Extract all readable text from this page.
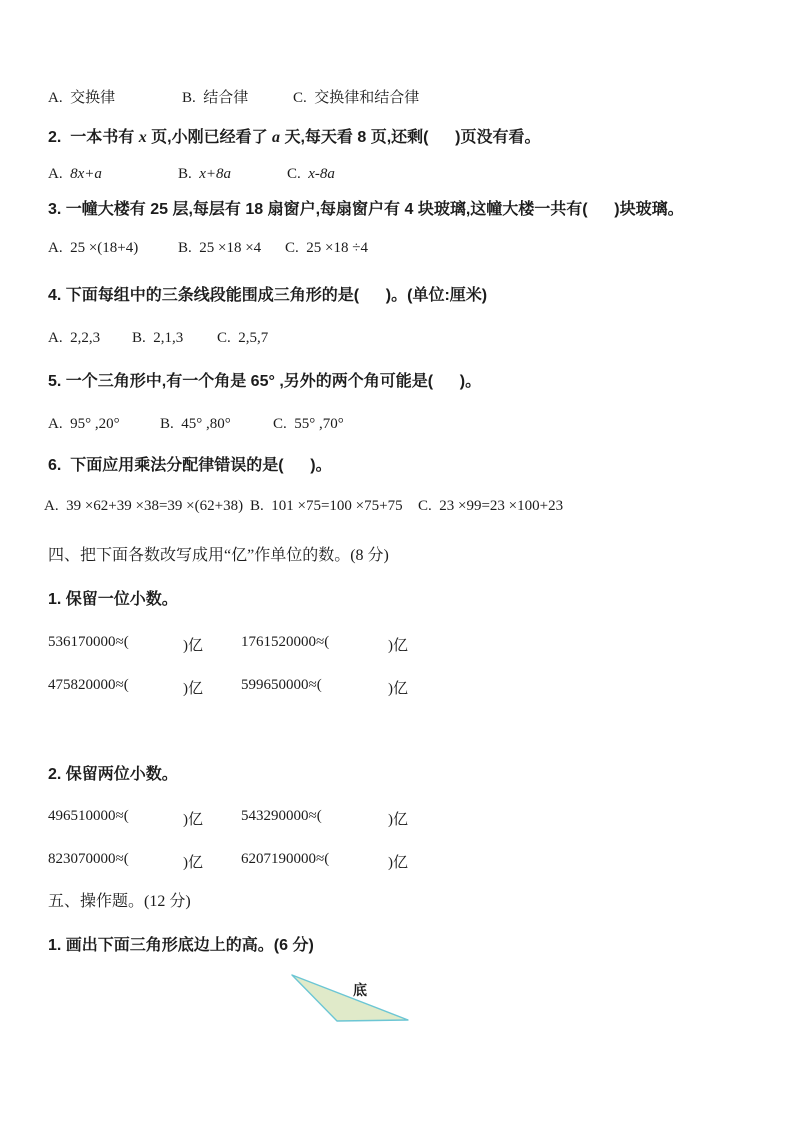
A.  交换律	B.  结合律	C.  交换律和结合律
2.  一本书有 x 页,小刚已经看了 a 天,每天看 8 页,还剩(      )页没有看。
A.  8x+a	B.  x+8a	C.  x-8a
3. 一幢大楼有 25 层,每层有 18 扇窗户,每扇窗户有 4 块玻璃,这幢大楼一共有(      )块玻璃。
A.  25 ×(18+4)	B.  25 ×18 ×4 C.  25 ×18 ÷4
4. 下面每组中的三条线段能围成三角形的是(      )。(单位:厘米)
A.  2,2,3 B.  2,1,3 C.  2,5,7
5. 一个三角形中,有一个角是 65° ,另外的两个角可能是(      )。
A.  95° ,20°	B.  45° ,80°	C.  55° ,70°
6.  下面应用乘法分配律错误的是(      )。
A.  39 ×62+39 ×38=39 ×(62+38) B.  101 ×75=100 ×75+75 C.  23 ×99=23 ×100+23
四、把下面各数改写成用“亿”作单位的数。(8 分)
1. 保留一位小数。
536170000≈(	)亿	1761520000≈(	)亿
475820000≈(	)亿	599650000≈(	)亿
2. 保留两位小数。
496510000≈(	)亿	543290000≈(	)亿
823070000≈(	)亿	6207190000≈(	)亿
五、操作题。(12 分)
1. 画出下面三角形底边上的高。(6 分)
底
